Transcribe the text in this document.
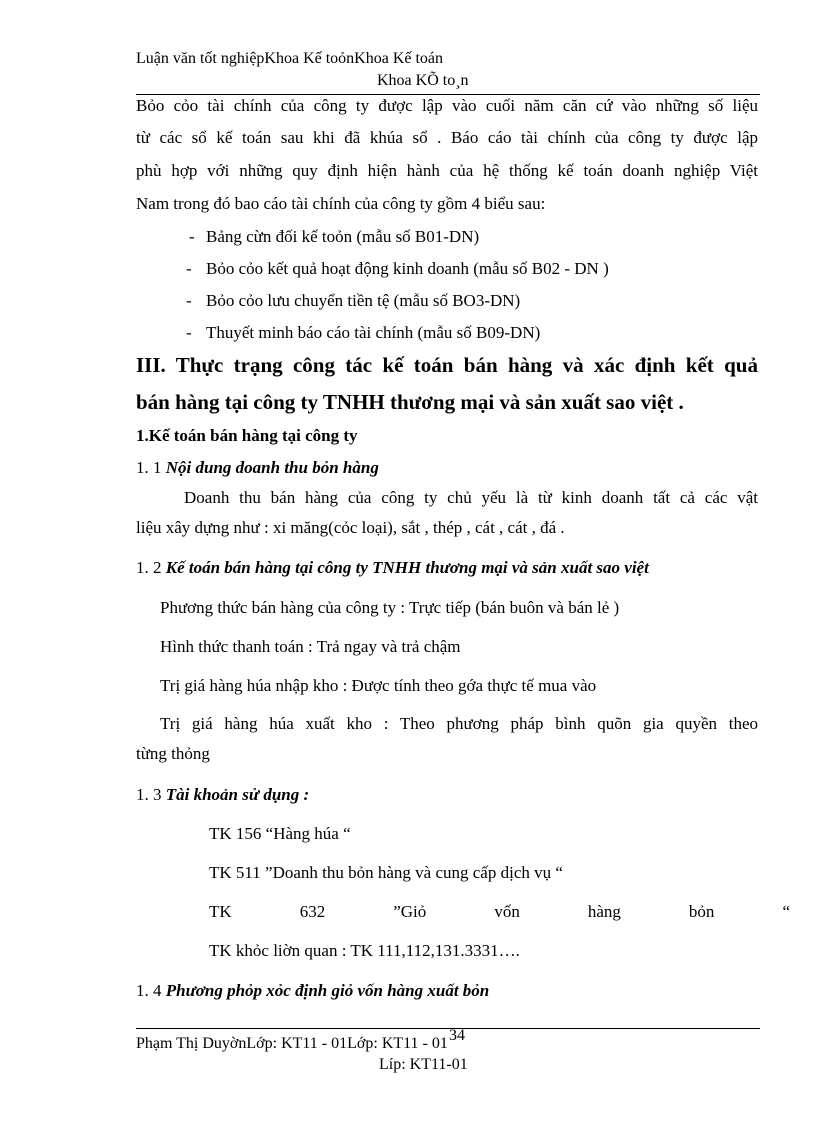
Luận văn tốt nghiệpKhoa Kế toỏnKhoa Kế toán
Khoa KÕ to¸n
Bỏo cỏo tài chính của công ty được lập vào cuối năm căn cứ vào những số liệu
từ các sổ kế toán sau khi đã khúa sổ . Báo cáo tài chính của công ty được lập
phù hợp với những quy định hiện hành của hệ thống kế toán doanh nghiệp Việt
Nam trong đó bao cáo tài chính của công ty gồm 4 biểu sau:
- Bảng cừn đối kế toỏn (mẫu số B01-DN)
- Bỏo cỏo kết quả hoạt động kinh doanh (mẫu số B02 - DN )
- Bỏo cỏo lưu chuyển tiền tệ (mẫu số BO3-DN)
- Thuyết minh báo cáo tài chính (mẫu số B09-DN)
III. Thực trạng công tác kế toán bán hàng và xác định kết quả
bán hàng tại công ty TNHH thương mại và sản xuất sao việt .
1.Kế toán bán hàng tại công ty
1. 1 Nội dung doanh thu bỏn hàng
Doanh thu bán hàng của công ty chủ yếu là từ kinh doanh tất cả các vật
liệu xây dựng như : xi măng(cỏc loại), sắt , thép , cát , cát , đá .
1. 2 Kế toán bán hàng tại công ty TNHH thương mại và sản xuất sao việt
Phương thức bán hàng của công ty : Trực tiếp (bán buôn và bán lẻ )
Hình thức thanh toán : Trả ngay và trả chậm
Trị giá hàng húa nhập kho : Được tính theo gớa thực tế mua vào
Trị giá hàng húa xuất kho : Theo phương pháp bình quõn gia quyền theo
từng thỏng
1. 3 Tài khoản sử dụng :
TK 156 “Hàng húa “
TK 511 ”Doanh thu bỏn hàng và cung cấp dịch vụ “
TK	632	”Giỏ	vốn	hàng	bỏn	“
TK khỏc liờn quan : TK 111,112,131.3331….
1. 4 Phương phỏp xỏc định giỏ vốn hàng xuất bỏn
34
Phạm Thị DuyờnLớp: KT11 - 01Lớp: KT11 - 01
Líp: KT11-01
